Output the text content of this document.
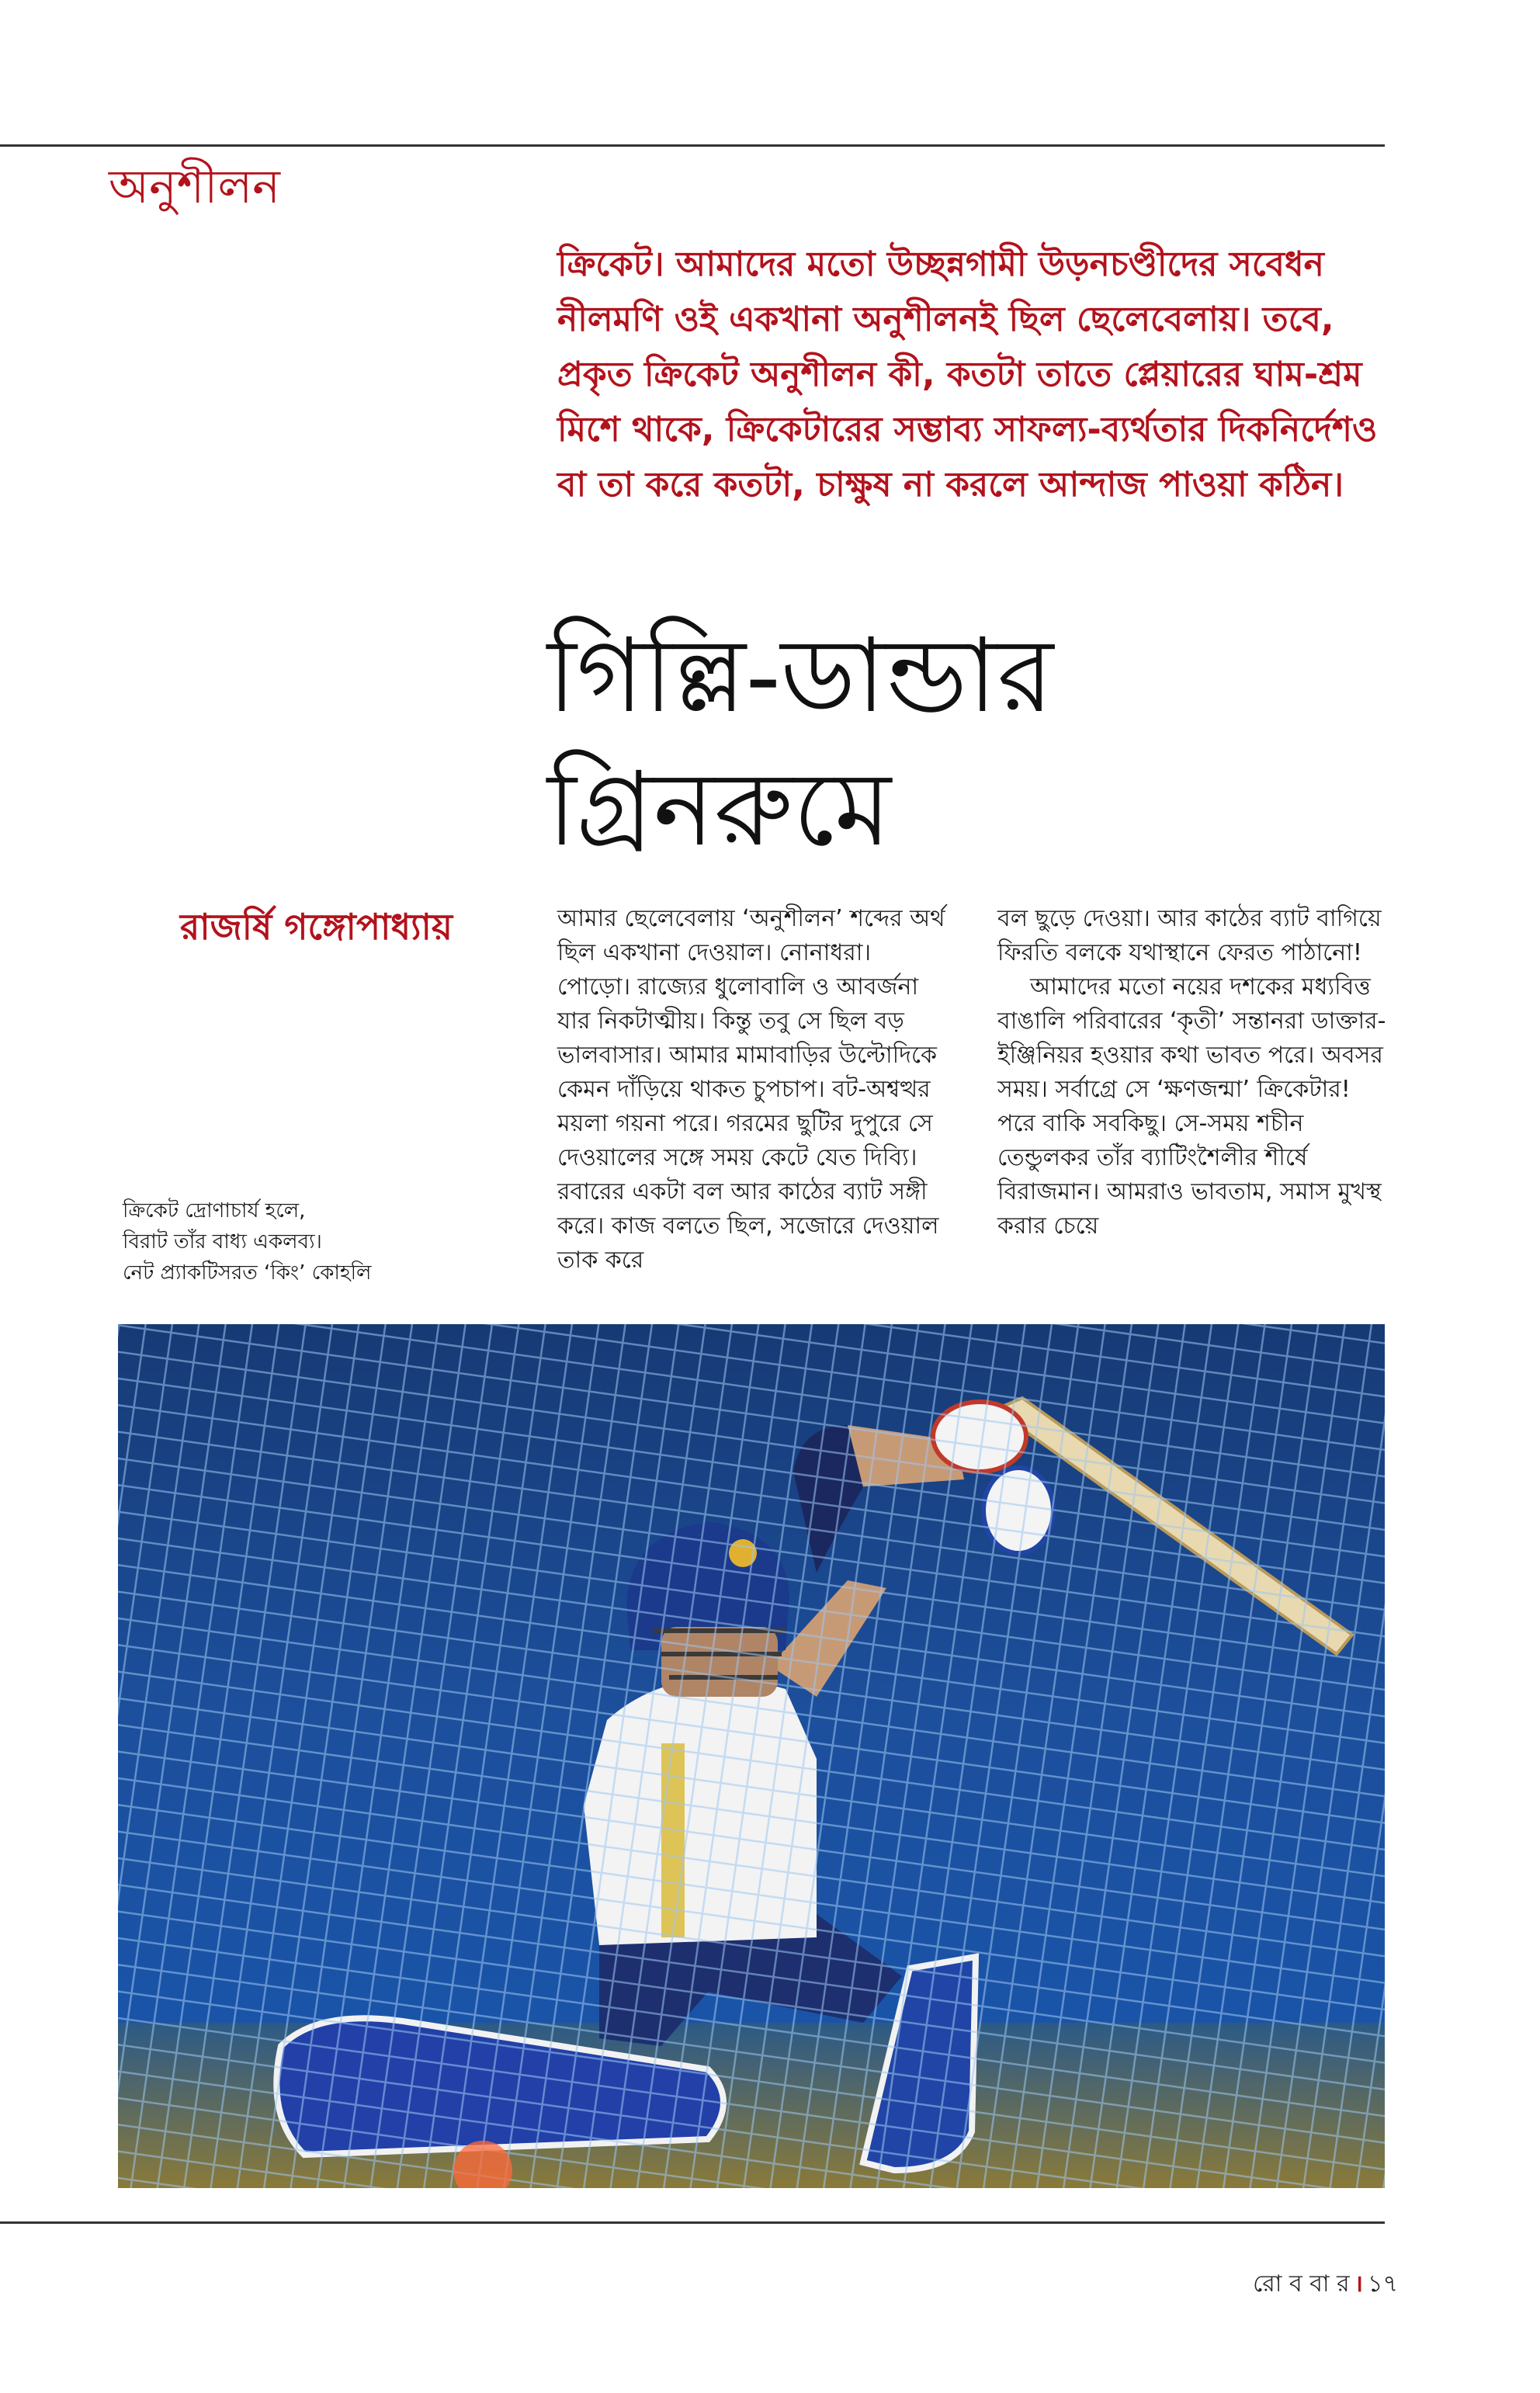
অনুশীলন

ক্রিকেট। আমাদের মতো উচ্ছন্নগামী উড়নচণ্ডীদের সবেধন নীলমণি ওই একখানা অনুশীলনই ছিল ছেলেবেলায়। তবে, প্রকৃত ক্রিকেট অনুশীলন কী, কতটা তাতে প্লেয়ারের ঘাম-শ্রম মিশে থাকে, ক্রিকেটারের সম্ভাব্য সাফল্য-ব্যর্থতার দিকনির্দেশও বা তা করে কতটা, চাক্ষুষ না করলে আন্দাজ পাওয়া কঠিন।

গিল্লি-ডান্ডার
গ্রিনরুমে
রাজর্ষি গঙ্গোপাধ্যায়	আমার ছেলেবেলায় ‘অনুশীলন’ শব্দের অর্থ ছিল একখানা দেওয়াল। নোনাধরা। পোড়ো। রাজ্যের ধুলোবালি ও আবর্জনা যার নিকটাত্মীয়। কিন্তু তবু সে ছিল বড় ভালবাসার। আমার মামাবাড়ির উল্টোদিকে কেমন দাঁড়িয়ে থাকত চুপচাপ। বট-অশ্বত্থর ময়লা গয়না পরে। গরমের ছুটির দুপুরে সে দেওয়ালের সঙ্গে সময় কেটে যেত দিব্যি। রবারের একটা বল আর কাঠের ব্যাট সঙ্গী করে। কাজ বলতে ছিল, সজোরে দেওয়াল তাক করে

বল ছুড়ে দেওয়া। আর কাঠের ব্যাট বাগিয়ে ফিরতি বলকে যথাস্থানে ফেরত পাঠানো!

আমাদের মতো নয়ের দশকের মধ্যবিত্ত বাঙালি পরিবারের ‘কৃতী’ সন্তানরা ডাক্তার-ইঞ্জিনিয়র হওয়ার কথা ভাবত পরে। অবসর সময়। সর্বাগ্রে সে ‘ক্ষণজন্মা’ ক্রিকেটার! পরে বাকি সবকিছু। সে-সময় শচীন তেন্ডুলকর তাঁর ব্যাটিংশৈলীর শীর্ষে বিরাজমান। আমরাও ভাবতাম, সমাস মুখস্থ করার চেয়ে

ক্রিকেট দ্রোণাচার্য হলে,
বিরাট তাঁর বাধ্য একলব্য।
নেট প্র্যাকটিসরত ‘কিং’ কোহলি
রো ব বা র । ১৭
